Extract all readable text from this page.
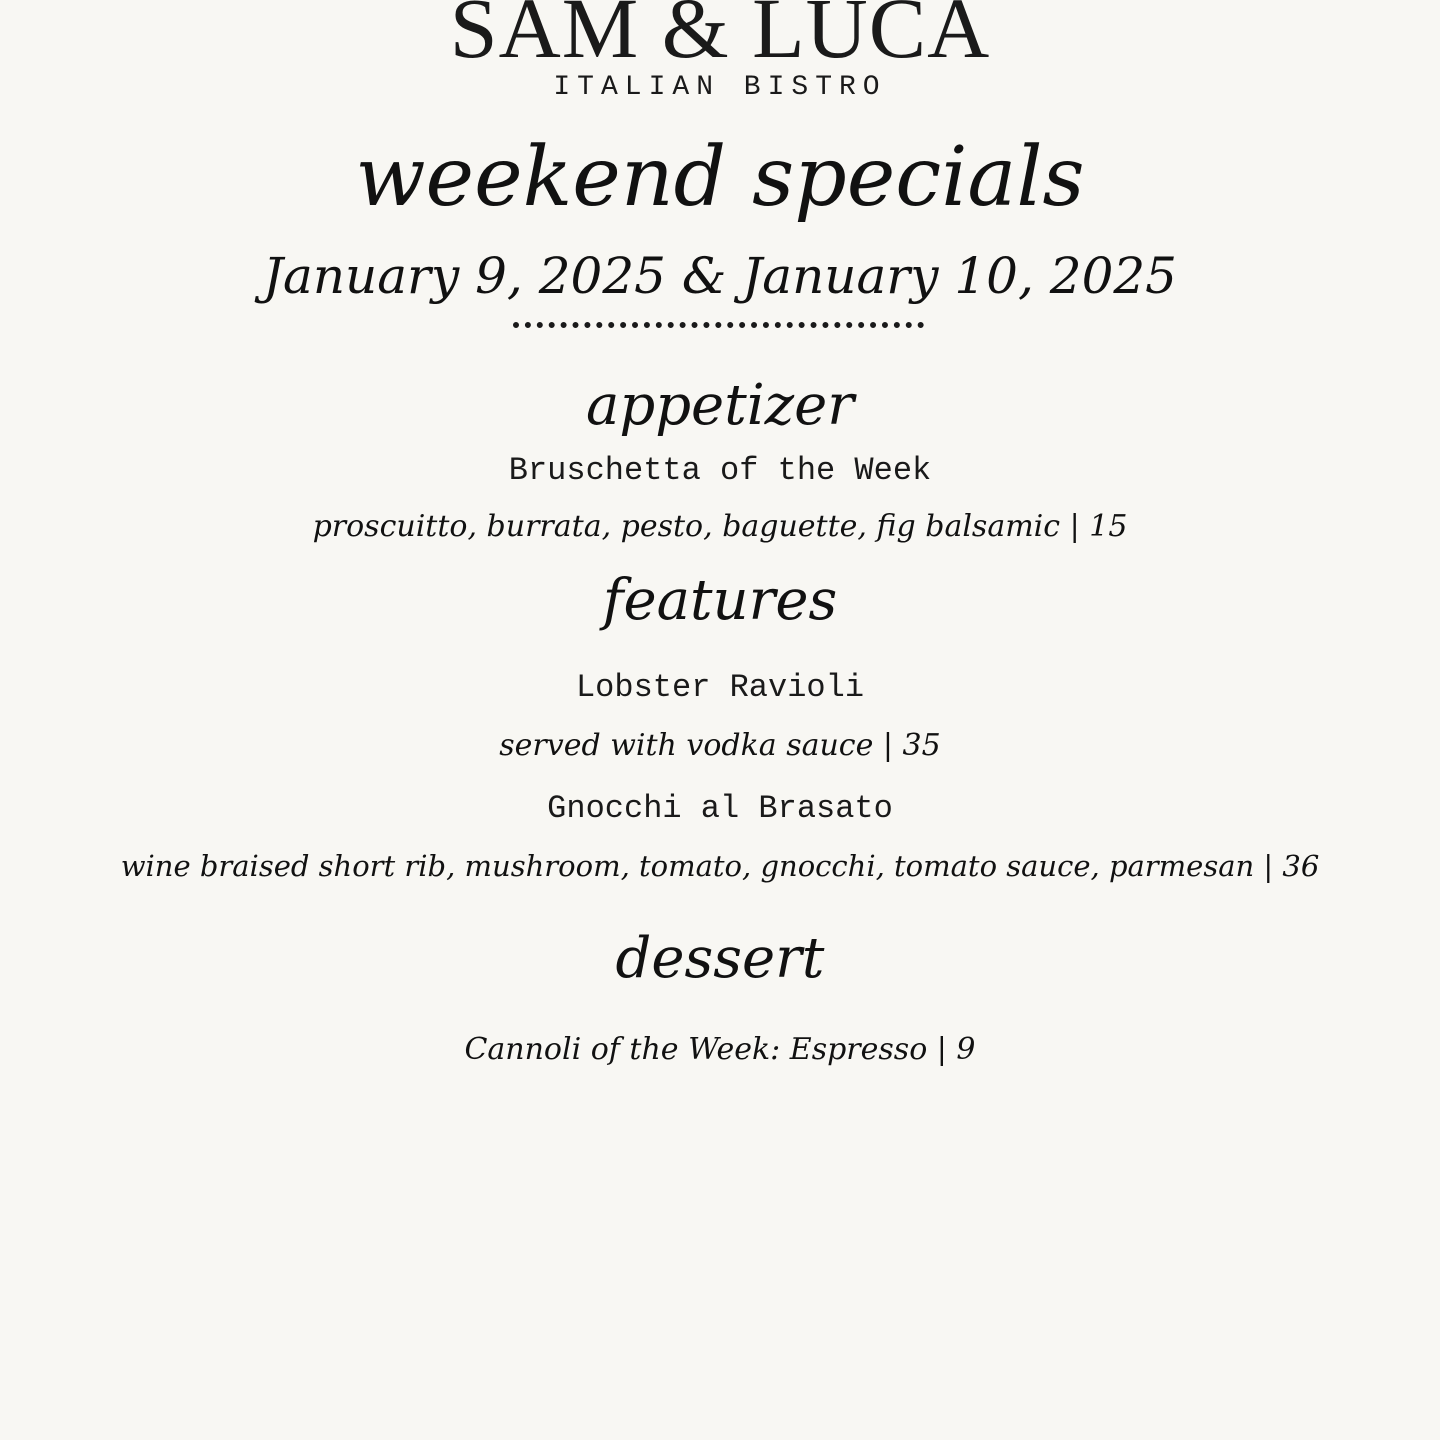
SAM & LUCA
ITALIAN BISTRO
weekend specials
January 9, 2025 & January 10, 2025
appetizer
Bruschetta of the Week
proscuitto, burrata, pesto, baguette, fig balsamic | 15
features
Lobster Ravioli
served with vodka sauce | 35
Gnocchi al Brasato
wine braised short rib, mushroom, tomato, gnocchi, tomato sauce, parmesan | 36
dessert
Cannoli of the Week: Espresso | 9
